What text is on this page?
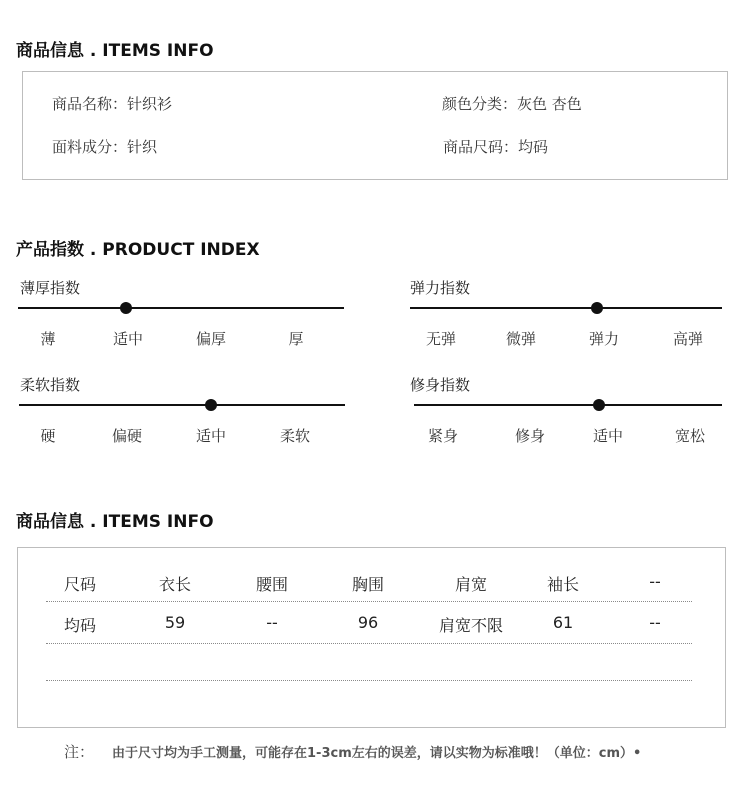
商品信息 . ITEMS INFO
商品名称：针织衫	颜色分类：灰色 杏色
面料成分：针织	商品尺码：均码
产品指数 . PRODUCT INDEX
薄厚指数
薄	适中	偏厚	厚
弹力指数
无弹	微弹	弹力	高弹
柔软指数
硬	偏硬	适中	柔软
修身指数
紧身	修身	适中	宽松
商品信息 . ITEMS INFO
尺码	衣长	腰围	胸围	肩宽	袖长	--
均码	59	--	96	肩宽不限	61	--
注： 由于尺寸均为手工测量，可能存在1-3cm左右的误差，请以实物为标准哦！（单位：cm）•
